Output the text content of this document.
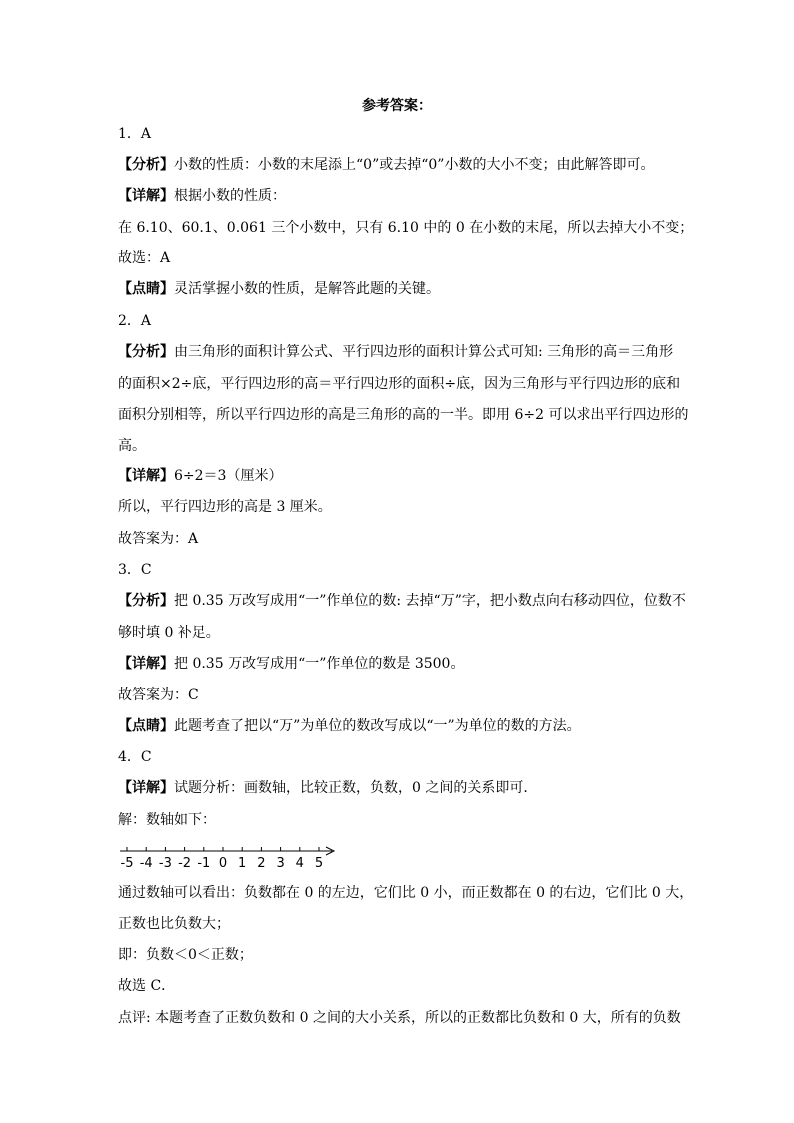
参考答案：
1．A
【分析】小数的性质：小数的末尾添上“0”或去掉“0”小数的大小不变；由此解答即可。
【详解】根据小数的性质：
在 6.10、60.1、0.061 三个小数中，只有 6.10 中的 0 在小数的末尾，所以去掉大小不变；
故选：A
【点睛】灵活掌握小数的性质，是解答此题的关键。
2．A
【分析】由三角形的面积计算公式、平行四边形的面积计算公式可知: 三角形的高＝三角形
的面积×2÷底，平行四边形的高＝平行四边形的面积÷底，因为三角形与平行四边形的底和
面积分别相等，所以平行四边形的高是三角形的高的一半。即用 6÷2 可以求出平行四边形的
高。
【详解】6÷2＝3（厘米）
所以，平行四边形的高是 3 厘米。
故答案为：A
3．C
【分析】把 0.35 万改写成用“一”作单位的数: 去掉“万”字，把小数点向右移动四位，位数不
够时填 0 补足。
【详解】把 0.35 万改写成用“一”作单位的数是 3500。
故答案为：C
【点睛】此题考查了把以“万”为单位的数改写成以“一”为单位的数的方法。
4．C
【详解】试题分析：画数轴，比较正数，负数，0 之间的关系即可．
解：数轴如下：
-5 -4 -3 -2 -1 0 1 2 3 4 5
通过数轴可以看出：负数都在 0 的左边，它们比 0 小，而正数都在 0 的右边，它们比 0 大，
正数也比负数大；
即：负数＜0＜正数；
故选 C．
点评: 本题考查了正数负数和 0 之间的大小关系，所以的正数都比负数和 0 大，所有的负数
